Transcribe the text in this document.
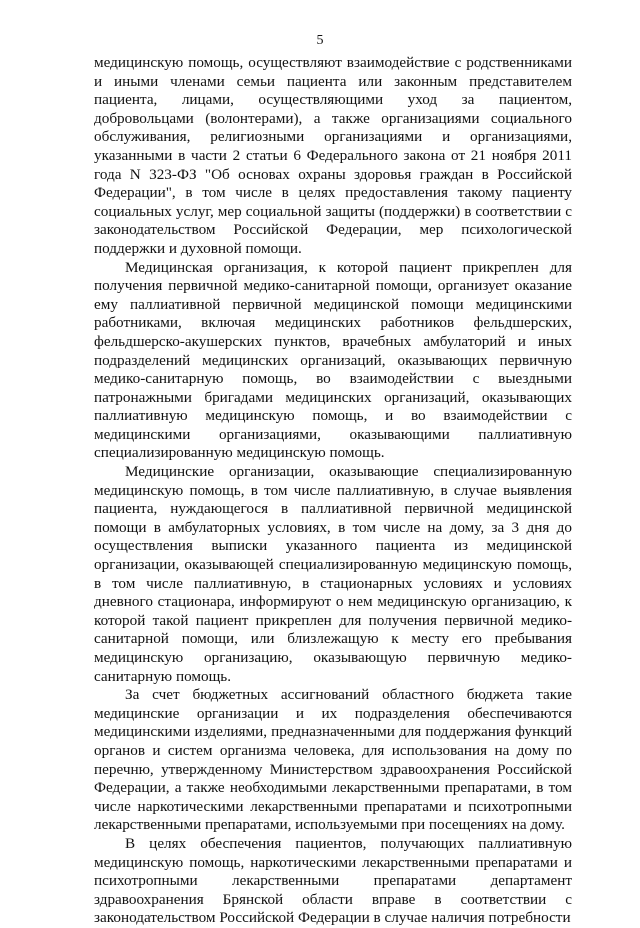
5

медицинскую помощь, осуществляют взаимодействие с родственниками и иными членами семьи пациента или законным представителем пациента, лицами, осуществляющими уход за пациентом, добровольцами (волонтерами), а также организациями социального обслуживания, религиозными организациями и организациями, указанными в части 2 статьи 6 Федерального закона от 21 ноября 2011 года N 323-ФЗ "Об основах охраны здоровья граждан в Российской Федерации", в том числе в целях предоставления такому пациенту социальных услуг, мер социальной защиты (поддержки) в соответствии с законодательством Российской Федерации, мер психологической поддержки и духовной помощи.

Медицинская организация, к которой пациент прикреплен для получения первичной медико-санитарной помощи, организует оказание ему паллиативной первичной медицинской помощи медицинскими работниками, включая медицинских работников фельдшерских, фельдшерско-акушерских пунктов, врачебных амбулаторий и иных подразделений медицинских организаций, оказывающих первичную медико-санитарную помощь, во взаимодействии с выездными патронажными бригадами медицинских организаций, оказывающих паллиативную медицинскую помощь, и во взаимодействии с медицинскими организациями, оказывающими паллиативную специализированную медицинскую помощь.

Медицинские организации, оказывающие специализированную медицинскую помощь, в том числе паллиативную, в случае выявления пациента, нуждающегося в паллиативной первичной медицинской помощи в амбулаторных условиях, в том числе на дому, за 3 дня до осуществления выписки указанного пациента из медицинской организации, оказывающей специализированную медицинскую помощь, в том числе паллиативную, в стационарных условиях и условиях дневного стационара, информируют о нем медицинскую организацию, к которой такой пациент прикреплен для получения первичной медико-санитарной помощи, или близлежащую к месту его пребывания медицинскую организацию, оказывающую первичную медико-санитарную помощь.

За счет бюджетных ассигнований областного бюджета такие медицинские организации и их подразделения обеспечиваются медицинскими изделиями, предназначенными для поддержания функций органов и систем организма человека, для использования на дому по перечню, утвержденному Министерством здравоохранения Российской Федерации, а также необходимыми лекарственными препаратами, в том числе наркотическими лекарственными препаратами и психотропными лекарственными препаратами, используемыми при посещениях на дому.

В целях обеспечения пациентов, получающих паллиативную медицинскую помощь, наркотическими лекарственными препаратами и психотропными лекарственными препаратами департамент здравоохранения Брянской области вправе в соответствии с законодательством Российской Федерации в случае наличия потребности
